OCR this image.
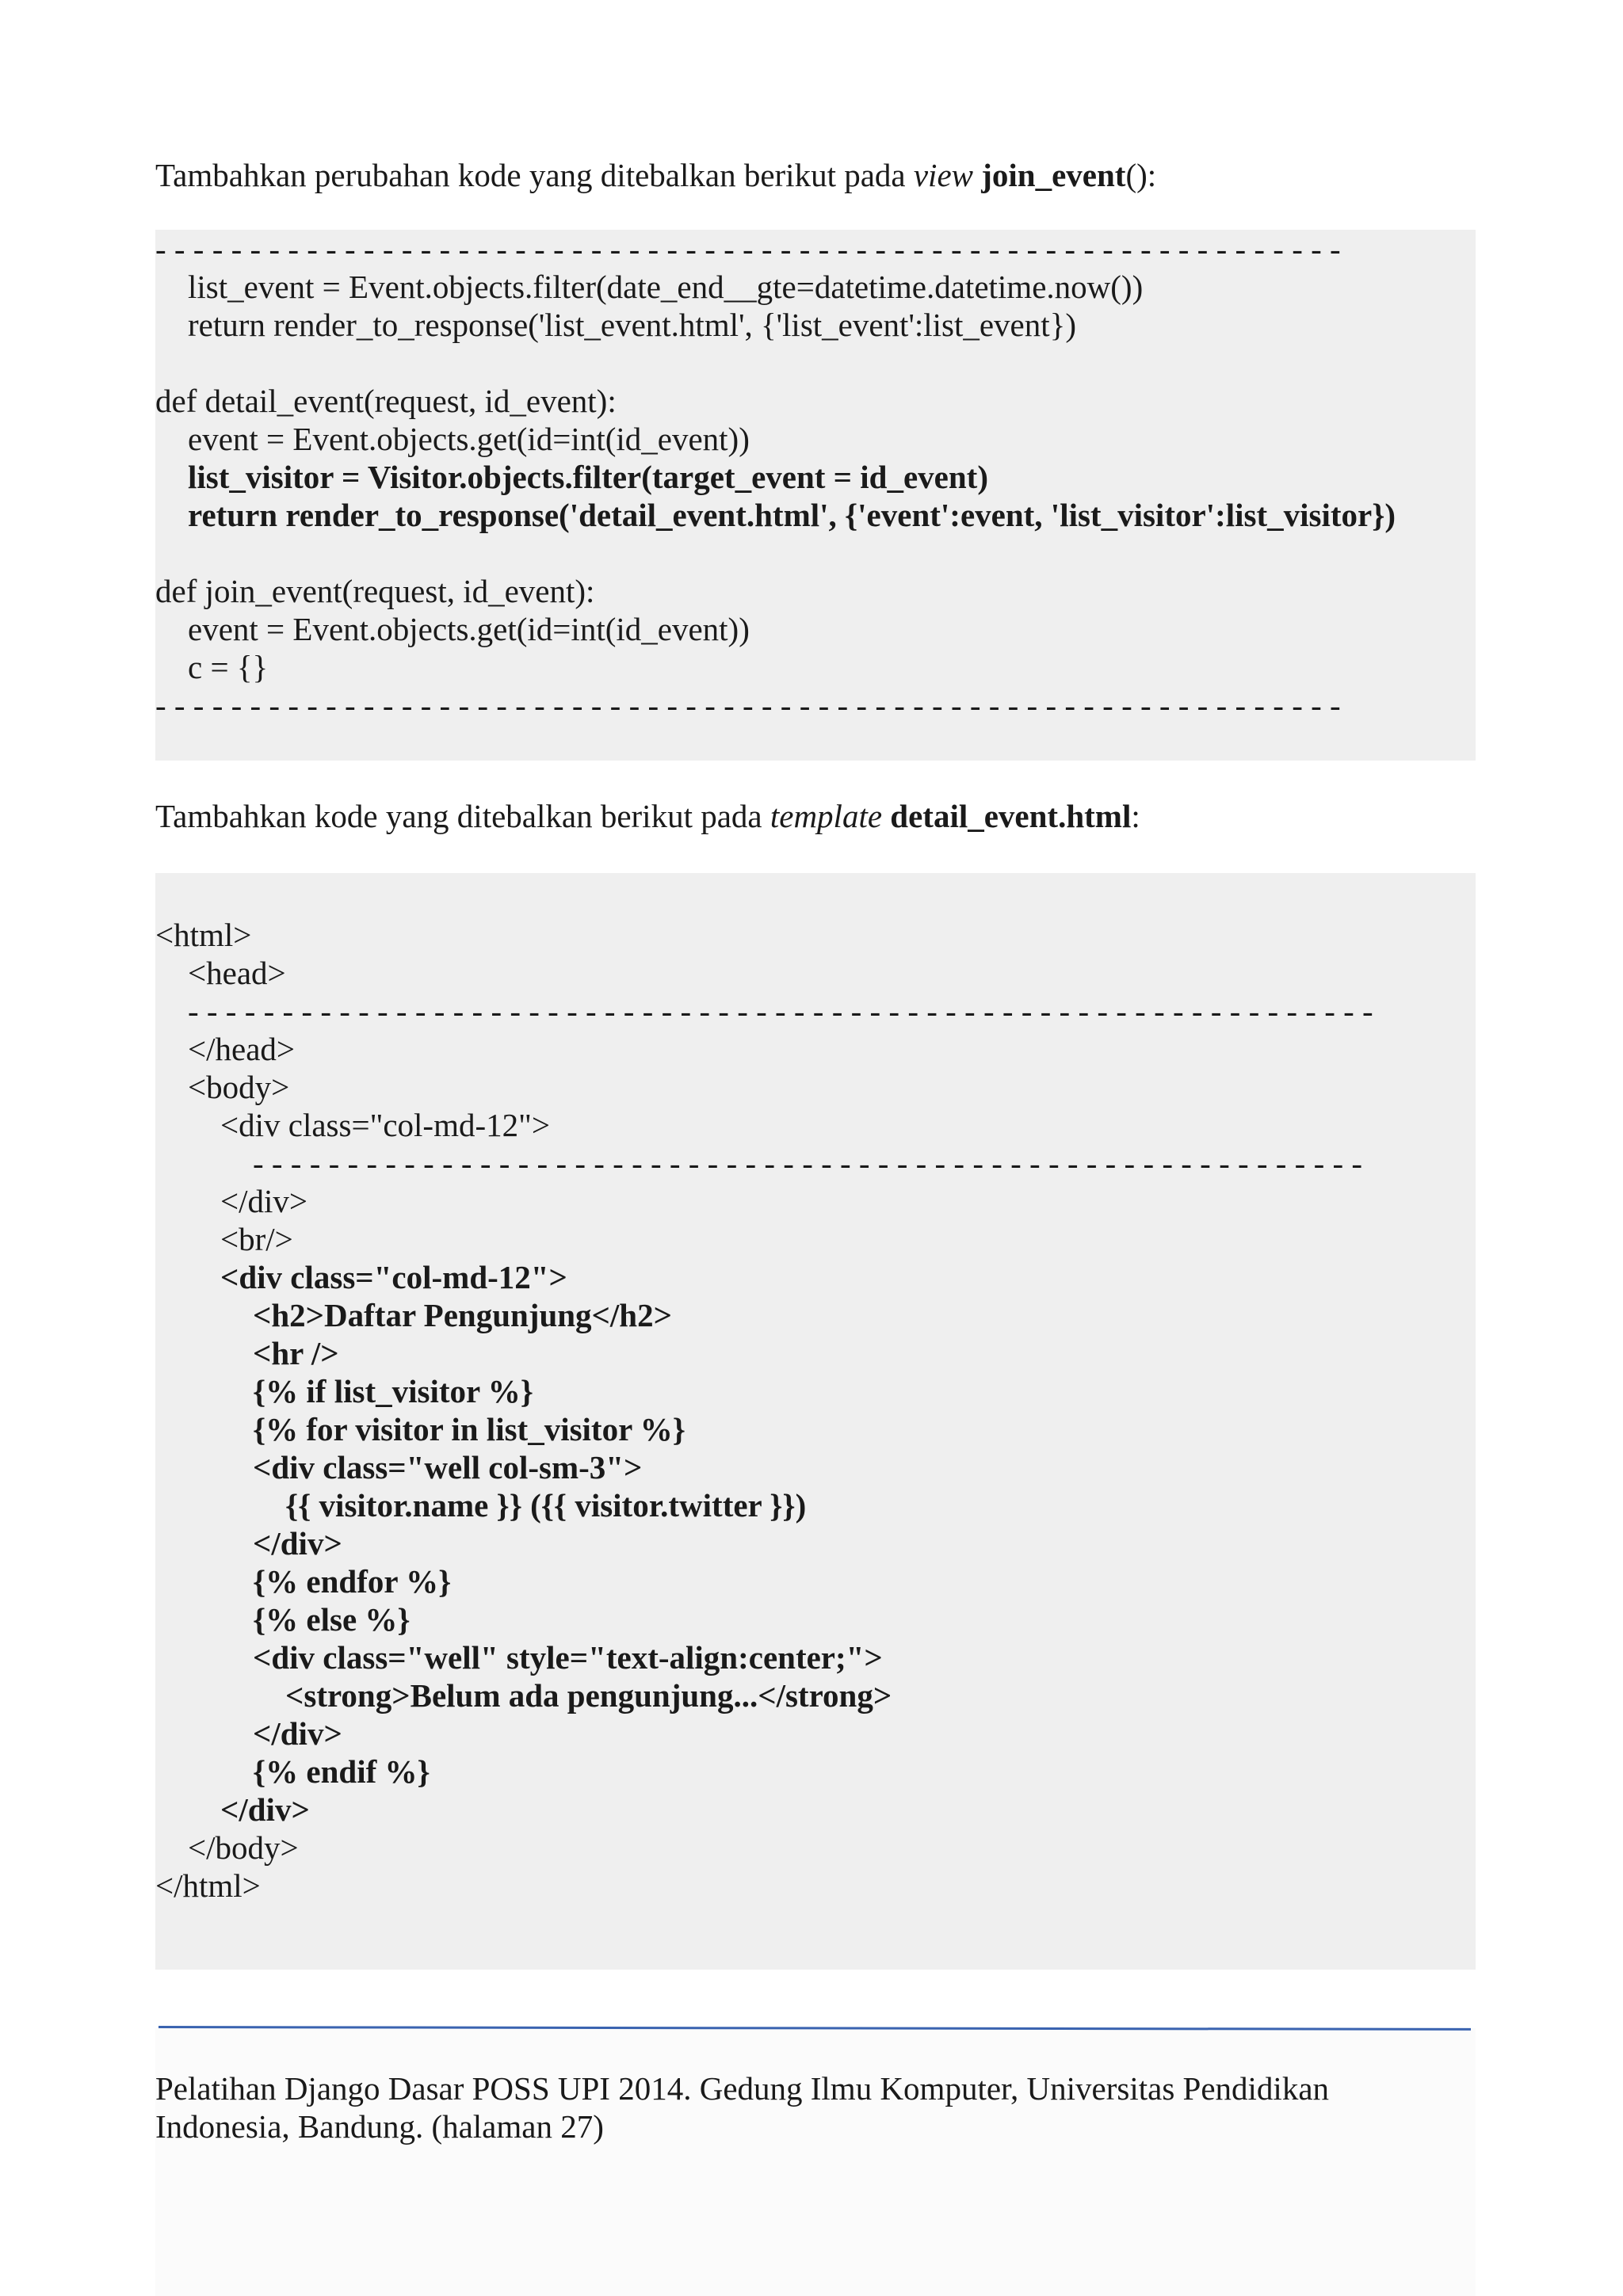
Tambahkan perubahan kode yang ditebalkan berikut pada view join_event():
- - - - - - - - - - - - - - - - - - - - - - - - - - - - - - - - - - - - - - - - - - - - - - - - - - - - - - - - - - - - - - -
list_event = Event.objects.filter(date_end__gte=datetime.datetime.now())
return render_to_response('list_event.html', {'list_event':list_event})
def detail_event(request, id_event):
event = Event.objects.get(id=int(id_event))
list_visitor = Visitor.objects.filter(target_event = id_event)
return render_to_response('detail_event.html', {'event':event, 'list_visitor':list_visitor})
def join_event(request, id_event):
event = Event.objects.get(id=int(id_event))
c = {}
- - - - - - - - - - - - - - - - - - - - - - - - - - - - - - - - - - - - - - - - - - - - - - - - - - - - - - - - - - - - - - -
Tambahkan kode yang ditebalkan berikut pada template detail_event.html:
<html>
<head>
- - - - - - - - - - - - - - - - - - - - - - - - - - - - - - - - - - - - - - - - - - - - - - - - - - - - - - - - - - - - - - -
</head>
<body>
<div class="col-md-12">
- - - - - - - - - - - - - - - - - - - - - - - - - - - - - - - - - - - - - - - - - - - - - - - - - - - - - - - - - - -
</div>
<br/>
<div class="col-md-12">
<h2>Daftar Pengunjung</h2>
<hr />
{% if list_visitor %}
{% for visitor in list_visitor %}
<div class="well col-sm-3">
{{ visitor.name }} ({{ visitor.twitter }})
</div>
{% endfor %}
{% else %}
<div class="well" style="text-align:center;">
<strong>Belum ada pengunjung...</strong>
</div>
{% endif %}
</div>
</body>
</html>
Pelatihan Django Dasar POSS UPI 2014. Gedung Ilmu Komputer, Universitas Pendidikan
Indonesia, Bandung. (halaman 27)
